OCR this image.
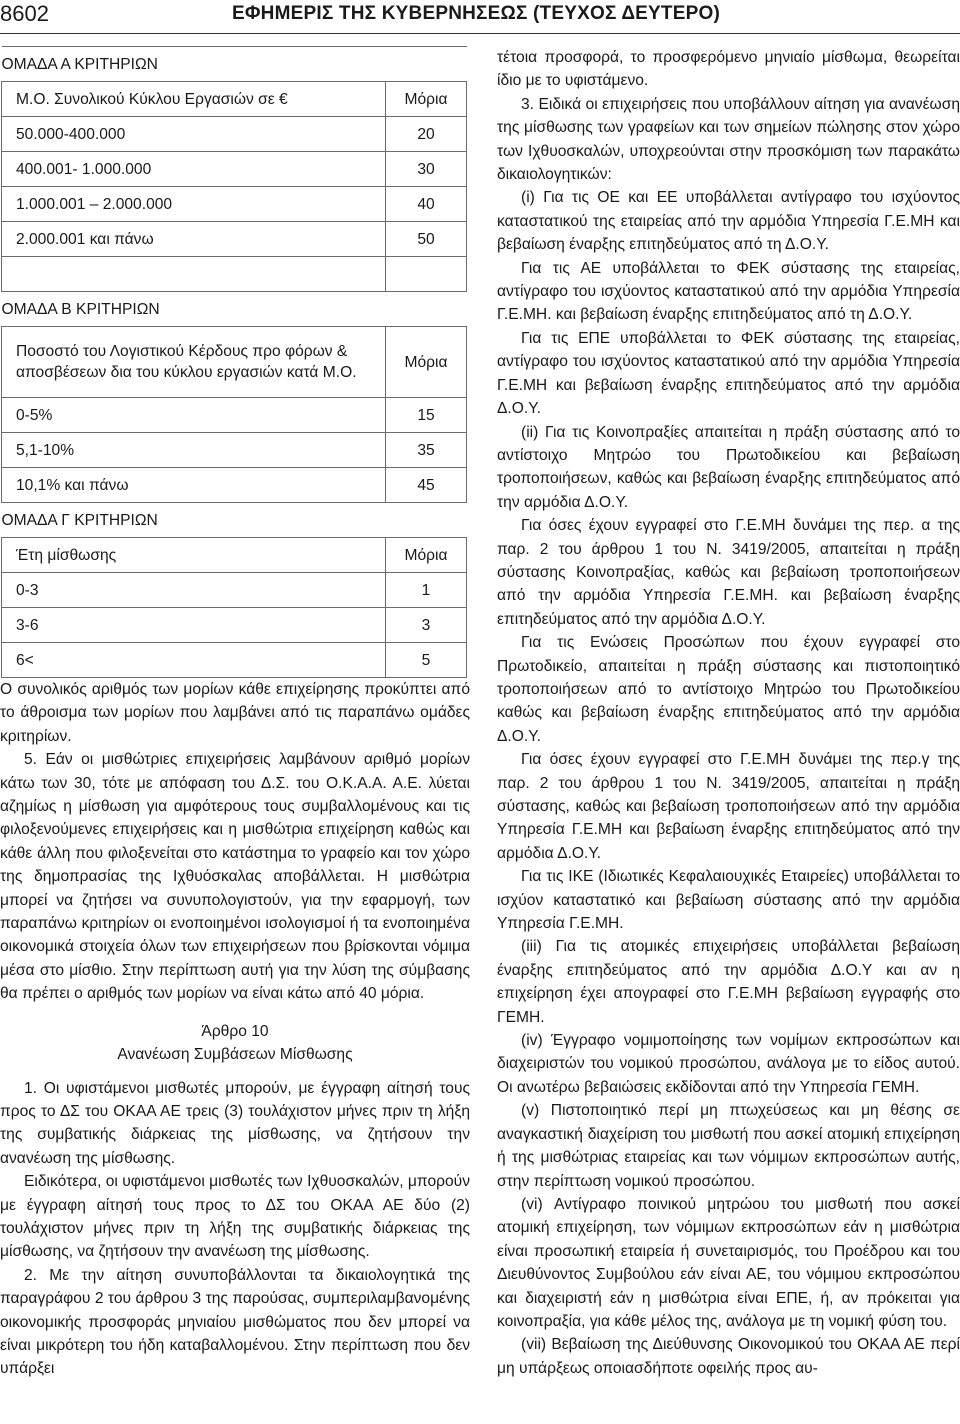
8602	ΕΦΗΜΕΡΙΣ ΤΗΣ ΚΥΒΕΡΝΗΣΕΩΣ (ΤΕΥΧΟΣ ΔΕΥΤΕΡΟ)
ΟΜΑΔΑ Α ΚΡΙΤΗΡΙΩΝ	
Μ.Ο. Συνολικού Κύκλου Εργασιών σε €	Μόρια
50.000-400.000	20
400.001- 1.000.000	30
1.000.001 – 2.000.000	40
2.000.001 και πάνω	50

ΟΜΑΔΑ Β ΚΡΙΤΗΡΙΩΝ	
Ποσοστό του Λογιστικού Κέρδους προ φόρων & αποσβέσεων δια του κύκλου εργασιών κατά Μ.Ο.	Μόρια
0-5%	15
5,1-10%	35
10,1% και πάνω	45
ΟΜΑΔΑ Γ ΚΡΙΤΗΡΙΩΝ	
Έτη μίσθωσης	Μόρια
0-3	1
3-6	3
6<	5

Ο συνολικός αριθμός των μορίων κάθε επιχείρησης προκύπτει από το άθροισμα των μορίων που λαμβάνει από τις παραπάνω ομάδες κριτηρίων.

5. Εάν οι μισθώτριες επιχειρήσεις λαμβάνουν αριθμό μορίων κάτω των 30, τότε με απόφαση του Δ.Σ. του Ο.Κ.Α.Α. Α.Ε. λύεται αζημίως η μίσθωση για αμφότερους τους συμβαλλομένους και τις φιλοξενούμενες επιχειρήσεις και η μισθώτρια επιχείρηση καθώς και κάθε άλλη που φιλοξενείται στο κατάστημα το γραφείο και τον χώρο της δημοπρασίας της Ιχθυόσκαλας αποβάλλεται. Η μισθώτρια μπορεί να ζητήσει να συνυπολογιστούν, για την εφαρμογή, των παραπάνω κριτηρίων οι ενοποιημένοι ισολογισμοί ή τα ενοποιημένα οικονομικά στοιχεία όλων των επιχειρήσεων που βρίσκονται νόμιμα μέσα στο μίσθιο. Στην περίπτωση αυτή για την λύση της σύμβασης θα πρέπει ο αριθμός των μορίων να είναι κάτω από 40 μόρια.

Άρθρο 10

Ανανέωση Συμβάσεων Μίσθωσης

1. Οι υφιστάμενοι μισθωτές μπορούν, με έγγραφη αίτησή τους προς το ΔΣ του ΟΚΑΑ ΑΕ τρεις (3) τουλάχιστον μήνες πριν τη λήξη της συμβατικής διάρκειας της μίσθωσης, να ζητήσουν την ανανέωση της μίσθωσης.

Ειδικότερα, οι υφιστάμενοι μισθωτές των Ιχθυοσκαλών, μπορούν με έγγραφη αίτησή τους προς το ΔΣ του ΟΚΑΑ ΑΕ δύο (2) τουλάχιστον μήνες πριν τη λήξη της συμβατικής διάρκειας της μίσθωσης, να ζητήσουν την ανανέωση της μίσθωσης.

2. Με την αίτηση συνυποβάλλονται τα δικαιολογητικά της παραγράφου 2 του άρθρου 3 της παρούσας, συμπεριλαμβανομένης οικονομικής προσφοράς μηνιαίου μισθώματος που δεν μπορεί να είναι μικρότερη του ήδη καταβαλλομένου. Στην περίπτωση που δεν υπάρξει

τέτοια προσφορά, το προσφερόμενο μηνιαίο μίσθωμα, θεωρείται ίδιο με το υφιστάμενο.

3. Ειδικά οι επιχειρήσεις που υποβάλλουν αίτηση για ανανέωση της μίσθωσης των γραφείων και των σημείων πώλησης στον χώρο των Ιχθυοσκαλών, υποχρεούνται στην προσκόμιση των παρακάτω δικαιολογητικών:

(i) Για τις ΟΕ και ΕΕ υποβάλλεται αντίγραφο του ισχύοντος καταστατικού της εταιρείας από την αρμόδια Υπηρεσία Γ.Ε.ΜΗ και βεβαίωση έναρξης επιτηδεύματος από τη Δ.Ο.Υ.

Για τις ΑΕ υποβάλλεται το ΦΕΚ σύστασης της εταιρείας, αντίγραφο του ισχύοντος καταστατικού από την αρμόδια Υπηρεσία Γ.Ε.ΜΗ. και βεβαίωση έναρξης επιτηδεύματος από τη Δ.Ο.Υ.

Για τις ΕΠΕ υποβάλλεται το ΦΕΚ σύστασης της εταιρείας, αντίγραφο του ισχύοντος καταστατικού από την αρμόδια Υπηρεσία Γ.Ε.ΜΗ και βεβαίωση έναρξης επιτηδεύματος από την αρμόδια Δ.Ο.Υ.

(ii) Για τις Κοινοπραξίες απαιτείται η πράξη σύστασης από το αντίστοιχο Μητρώο του Πρωτοδικείου και βεβαίωση τροποποιήσεων, καθώς και βεβαίωση έναρξης επιτηδεύματος από την αρμόδια Δ.Ο.Υ.

Για όσες έχουν εγγραφεί στο Γ.Ε.ΜΗ δυνάμει της περ. α της παρ. 2 του άρθρου 1 του Ν. 3419/2005, απαιτείται η πράξη σύστασης Κοινοπραξίας, καθώς και βεβαίωση τροποποιήσεων από την αρμόδια Υπηρεσία Γ.Ε.ΜΗ. και βεβαίωση έναρξης επιτηδεύματος από την αρμόδια Δ.Ο.Υ.

Για τις Ενώσεις Προσώπων που έχουν εγγραφεί στο Πρωτοδικείο, απαιτείται η πράξη σύστασης και πιστοποιητικό τροποποιήσεων από το αντίστοιχο Μητρώο του Πρωτοδικείου καθώς και βεβαίωση έναρξης επιτηδεύματος από την αρμόδια Δ.Ο.Υ.

Για όσες έχουν εγγραφεί στο Γ.Ε.ΜΗ δυνάμει της περ.γ της παρ. 2 του άρθρου 1 του Ν. 3419/2005, απαιτείται η πράξη σύστασης, καθώς και βεβαίωση τροποποιήσεων από την αρμόδια Υπηρεσία Γ.Ε.ΜΗ και βεβαίωση έναρξης επιτηδεύματος από την αρμόδια Δ.Ο.Υ.

Για τις ΙΚΕ (Ιδιωτικές Κεφαλαιουχικές Εταιρείες) υποβάλλεται το ισχύον καταστατικό και βεβαίωση σύστασης από την αρμόδια Υπηρεσία Γ.Ε.ΜΗ.

(iii) Για τις ατομικές επιχειρήσεις υποβάλλεται βεβαίωση έναρξης επιτηδεύματος από την αρμόδια Δ.Ο.Υ και αν η επιχείρηση έχει απογραφεί στο Γ.Ε.ΜΗ βεβαίωση εγγραφής στο ΓΕΜΗ.

(iv) Έγγραφο νομιμοποίησης των νομίμων εκπροσώπων και διαχειριστών του νομικού προσώπου, ανάλογα με το είδος αυτού. Οι ανωτέρω βεβαιώσεις εκδίδονται από την Υπηρεσία ΓΕΜΗ.

(v) Πιστοποιητικό περί μη πτωχεύσεως και μη θέσης σε αναγκαστική διαχείριση του μισθωτή που ασκεί ατομική επιχείρηση ή της μισθώτριας εταιρείας και των νόμιμων εκπροσώπων αυτής, στην περίπτωση νομικού προσώπου.

(vi) Αντίγραφο ποινικού μητρώου του μισθωτή που ασκεί ατομική επιχείρηση, των νόμιμων εκπροσώπων εάν η μισθώτρια είναι προσωπική εταιρεία ή συνεταιρισμός, του Προέδρου και του Διευθύνοντος Συμβούλου εάν είναι ΑΕ, του νόμιμου εκπροσώπου και διαχειριστή εάν η μισθώτρια είναι ΕΠΕ, ή, αν πρόκειται για κοινοπραξία, για κάθε μέλος της, ανάλογα με τη νομική φύση του.

(vii) Βεβαίωση της Διεύθυνσης Οικονομικού του ΟΚΑΑ ΑΕ περί μη υπάρξεως οποιασδήποτε οφειλής προς αυ-
